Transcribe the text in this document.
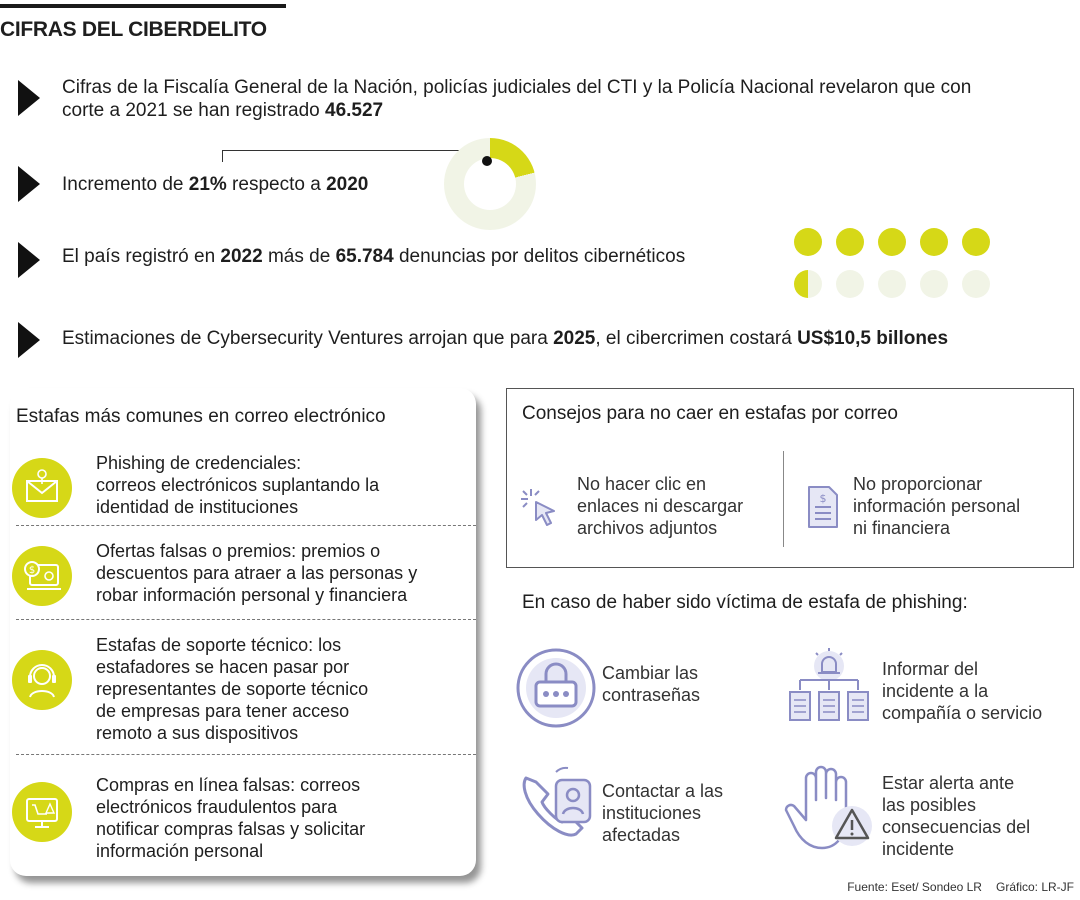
CIFRAS DEL CIBERDELITO
Cifras de la Fiscalía General de la Nación, policías judiciales del CTI y la Policía Nacional revelaron que con
corte a 2021 se han registrado 46.527
Incremento de 21% respecto a 2020
El país registró en 2022 más de 65.784 denuncias por delitos cibernéticos
Estimaciones de Cybersecurity Ventures arrojan que para 2025, el cibercrimen costará US$10,5 billones
Estafas más comunes en correo electrónico
Phishing de credenciales:
correos electrónicos suplantando la
identidad de instituciones
$
Ofertas falsas o premios: premios o
descuentos para atraer a las personas y
robar información personal y financiera
Estafas de soporte técnico: los
estafadores se hacen pasar por
representantes de soporte técnico
de empresas para tener acceso
remoto a sus dispositivos
Compras en línea falsas: correos
electrónicos fraudulentos para
notificar compras falsas y solicitar
información personal
Consejos para no caer en estafas por correo
No hacer clic en
enlaces ni descargar
archivos adjuntos
$
No proporcionar
información personal
ni financiera
En caso de haber sido víctima de estafa de phishing:
Cambiar las
contraseñas
Informar del
incidente a la
compañía o servicio
Contactar a las
instituciones
afectadas
Estar alerta ante
las posibles
consecuencias del
incidente
Fuente: Eset/ Sondeo LR Gráfico: LR-JF
